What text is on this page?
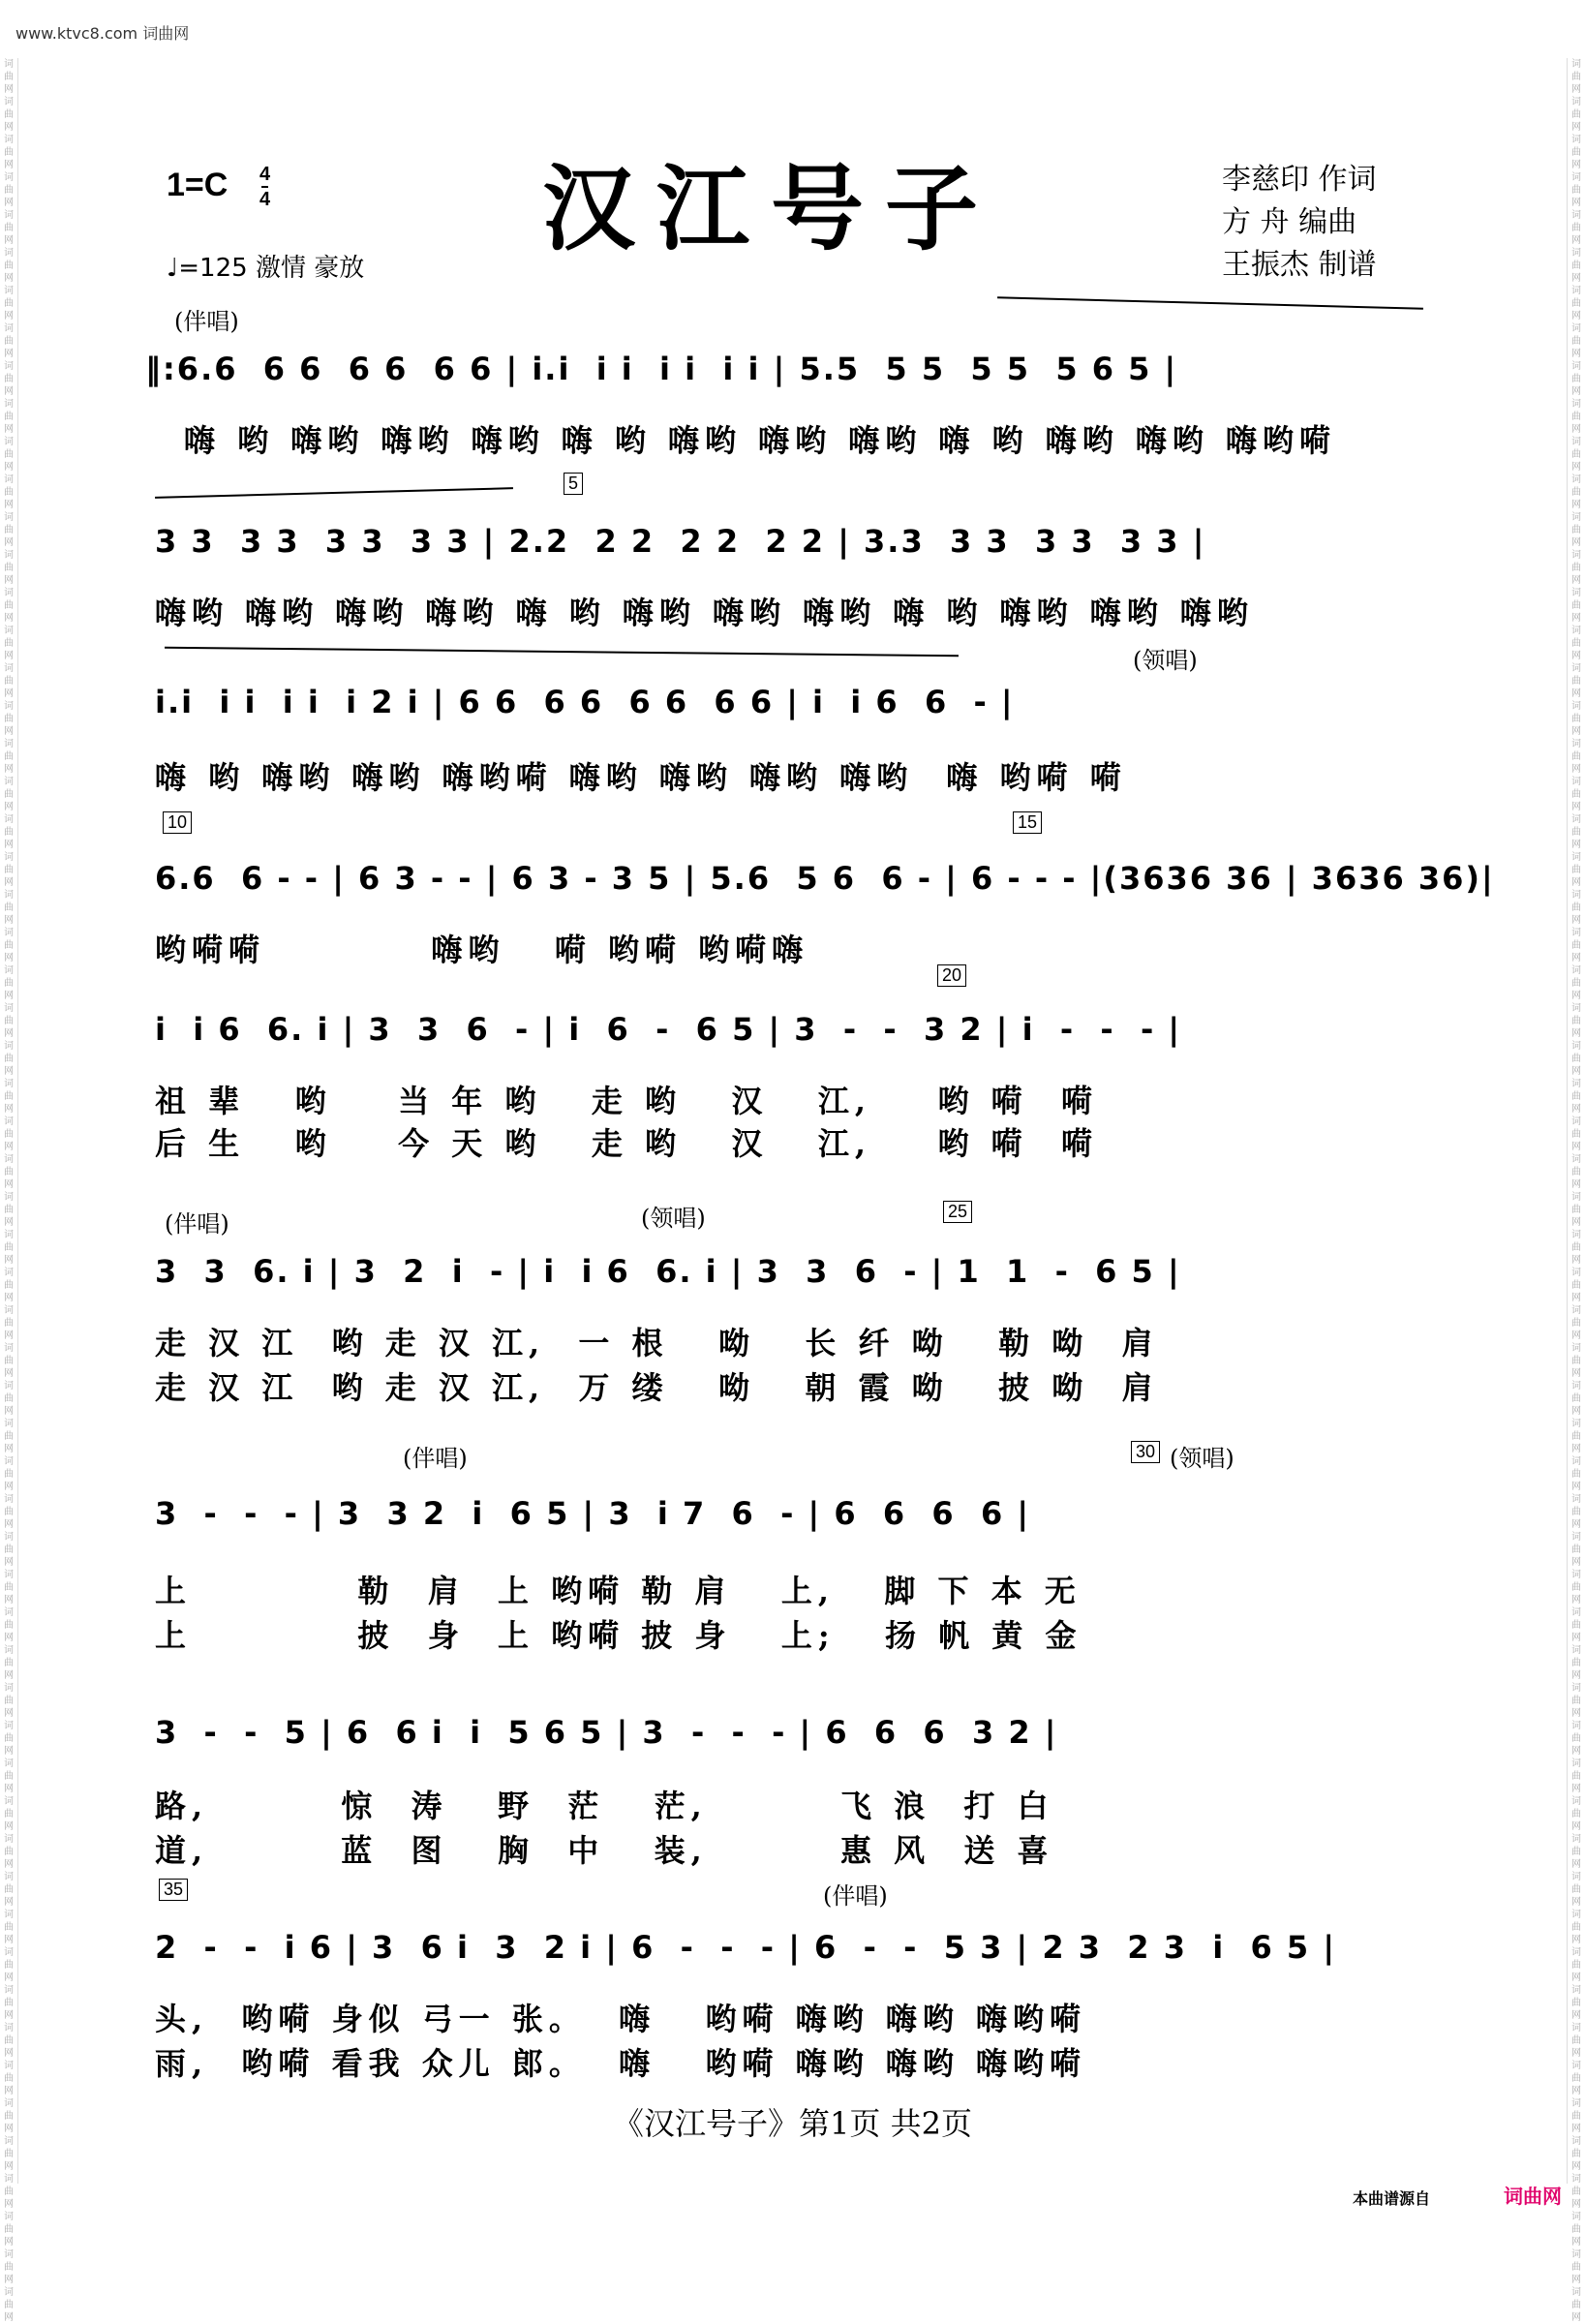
www.ktvc8.com 词曲网
词曲网词曲网词曲网词曲网词曲网词曲网词曲网词曲网词曲网词曲网词曲网词曲网词曲网词曲网词曲网词曲网词曲网词曲网词曲网词曲网词曲网词曲网词曲网词曲网词曲网词曲网词曲网词曲网词曲网词曲网词曲网词曲网词曲网词曲网词曲网词曲网词曲网词曲网词曲网词曲网词曲网词曲网词曲网词曲网词曲网词曲网词曲网词曲网词曲网词曲网词曲网词曲网词曲网词曲网词曲网词曲网词曲网词曲网词曲网词曲网
词曲网词曲网词曲网词曲网词曲网词曲网词曲网词曲网词曲网词曲网词曲网词曲网词曲网词曲网词曲网词曲网词曲网词曲网词曲网词曲网词曲网词曲网词曲网词曲网词曲网词曲网词曲网词曲网词曲网词曲网词曲网词曲网词曲网词曲网词曲网词曲网词曲网词曲网词曲网词曲网词曲网词曲网词曲网词曲网词曲网词曲网词曲网词曲网词曲网词曲网词曲网词曲网词曲网词曲网词曲网词曲网词曲网词曲网词曲网词曲网
1=C 4
4
♩=125 激情 豪放
汉江号子	李慈印 作词
方 舟 编曲
王振杰 制谱
(伴唱)
‖:6.6  6 6  6 6  6 6 | i.i  i i  i i  i i | 5.5  5 5  5 5  5 6 5 |
嗨 哟 嗨哟 嗨哟 嗨哟 嗨 哟 嗨哟 嗨哟 嗨哟 嗨 哟 嗨哟 嗨哟 嗨哟嗬
5
3 3  3 3  3 3  3 3 | 2.2  2 2  2 2  2 2 | 3.3  3 3  3 3  3 3 |
嗨哟 嗨哟 嗨哟 嗨哟 嗨 哟 嗨哟 嗨哟 嗨哟 嗨 哟 嗨哟 嗨哟 嗨哟
(领唱)
i.i  i i  i i  i 2 i | 6 6  6 6  6 6  6 6 | i  i 6  6  - |
嗨 哟 嗨哟 嗨哟 嗨哟嗬 嗨哟 嗨哟 嗨哟 嗨哟  嗨 哟嗬 嗬
10	15
6.6  6 - - | 6 3 - - | 6 3 - 3 5 | 5.6  5 6  6 - | 6 - - - |(3636 36 | 3636 36)|
哟嗬嗬          嗨哟   嗬 哟嗬 哟嗬嗨
20
i  i 6  6. i | 3  3  6  - | i  6  -  6 5 | 3  -  -  3 2 | i  -  -  - |
祖 辈   哟    当 年 哟   走 哟   汉   江,    哟 嗬  嗬
后 生   哟    今 天 哟   走 哟   汉   江,    哟 嗬  嗬
(伴唱)	(领唱)	25
3  3  6. i | 3  2  i  - | i  i 6  6. i | 3  3  6  - | 1  1  -  6 5 |
走 汉 江  哟 走 汉 江,  一 根   呦   长 纤 呦   勒 呦  肩
走 汉 江  哟 走 汉 江,  万 缕   呦   朝 霞 呦   披 呦  肩
(伴唱)	30 (领唱)
3  -  -  - | 3  3 2  i  6 5 | 3  i 7  6  - | 6  6  6  6 |
上          勒  肩  上 哟嗬 勒 肩   上,   脚 下 本 无
上          披  身  上 哟嗬 披 身   上;   扬 帆 黄 金
3  -  -  5 | 6  6 i  i  5 6 5 | 3  -  -  - | 6  6  6  3 2 |
路,        惊  涛   野  茫   茫,        飞 浪  打 白
道,        蓝  图   胸  中   装,        惠 风  送 喜
35	(伴唱)
2  -  -  i 6 | 3  6 i  3  2 i | 6  -  -  - | 6  -  -  5 3 | 2 3  2 3  i  6 5 |
头,  哟嗬 身似 弓一 张。  嗨   哟嗬 嗨哟 嗨哟 嗨哟嗬
雨,  哟嗬 看我 众儿 郎。  嗨   哟嗬 嗨哟 嗨哟 嗨哟嗬
《汉江号子》第1页 共2页
本曲谱源自	词曲网
